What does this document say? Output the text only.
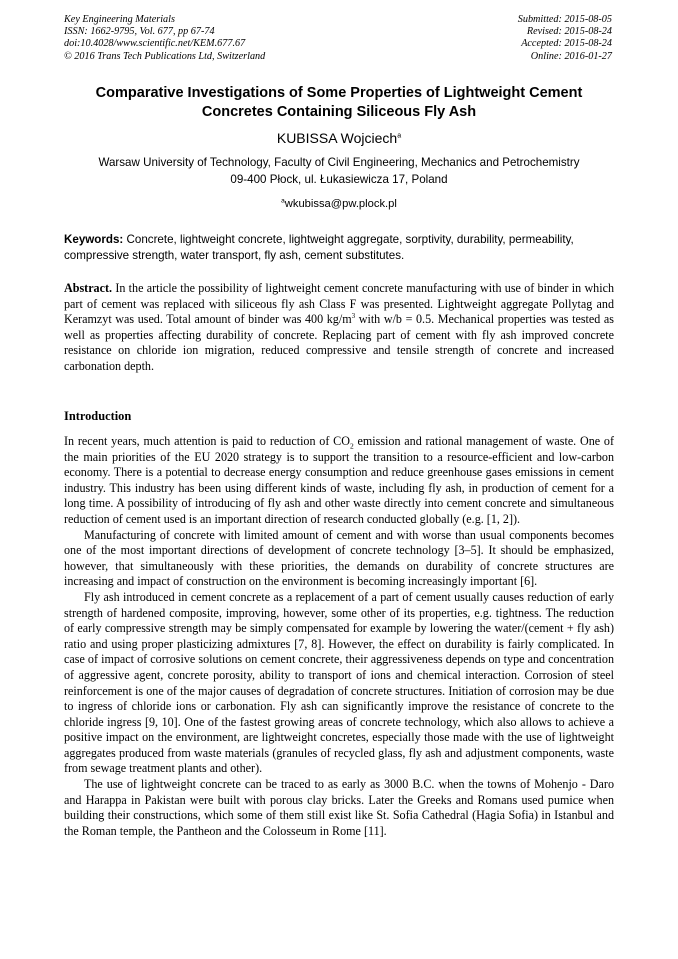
Key Engineering Materials
ISSN: 1662-9795, Vol. 677, pp 67-74
doi:10.4028/www.scientific.net/KEM.677.67
© 2016 Trans Tech Publications Ltd, Switzerland
Submitted: 2015-08-05
Revised: 2015-08-24
Accepted: 2015-08-24
Online: 2016-01-27
Comparative Investigations of Some Properties of Lightweight Cement
Concretes Containing Siliceous Fly Ash
KUBISSA Wojciech$^a$
Warsaw University of Technology, Faculty of Civil Engineering, Mechanics and Petrochemistry
09-400 Płock, ul. Łukasiewicza 17, Poland
$^a$wkubissa@pw.plock.pl
Keywords: Concrete, lightweight concrete, lightweight aggregate, sorptivity, durability, permeability, compressive strength, water transport, fly ash, cement substitutes.
Abstract. In the article the possibility of lightweight cement concrete manufacturing with use of binder in which part of cement was replaced with siliceous fly ash Class F was presented. Lightweight aggregate Pollytag and Keramzyt was used. Total amount of binder was 400 $kg/m^3$ with w/b = 0.5. Mechanical properties was tested as well as properties affecting durability of concrete. Replacing part of cement with fly ash improved concrete resistance on chloride ion migration, reduced compressive and tensile strength of concrete and increased carbonation depth.
Introduction

In recent years, much attention is paid to reduction of $CO_2$ emission and rational management of waste. One of the main priorities of the EU 2020 strategy is to support the transition to a resource-efficient and low-carbon economy. There is a potential to decrease energy consumption and reduce greenhouse gases emissions in cement industry. This industry has been using different kinds of waste, including fly ash, in production of cement for a long time. A possibility of introducing of fly ash and other waste directly into cement concrete and simultaneous reduction of cement used is an important direction of research conducted globally (e.g. [1, 2]).

Manufacturing of concrete with limited amount of cement and with worse than usual components becomes one of the most important directions of development of concrete technology [3–5]. It should be emphasized, however, that simultaneously with these priorities, the demands on durability of concrete structures are increasing and impact of construction on the environment is becoming increasingly important [6].

Fly ash introduced in cement concrete as a replacement of a part of cement usually causes reduction of early strength of hardened composite, improving, however, some other of its properties, e.g. tightness. The reduction of early compressive strength may be simply compensated for example by lowering the water/(cement + fly ash) ratio and using proper plasticizing admixtures [7, 8]. However, the effect on durability is fairly complicated. In case of impact of corrosive solutions on cement concrete, their aggressiveness depends on type and concentration of aggressive agent, concrete porosity, ability to transport of ions and chemical interaction. Corrosion of steel reinforcement is one of the major causes of degradation of concrete structures. Initiation of corrosion may be due to ingress of chloride ions or carbonation. Fly ash can significantly improve the resistance of concrete to the chloride ingress [9, 10]. One of the fastest growing areas of concrete technology, which also allows to achieve a positive impact on the environment, are lightweight concretes, especially those made with the use of lightweight aggregates produced from waste materials (granules of recycled glass, fly ash and adjustment components, waste from sewage treatment plants and other).

The use of lightweight concrete can be traced to as early as 3000 B.C. when the towns of Mohenjo - Daro and Harappa in Pakistan were built with porous clay bricks. Later the Greeks and Romans used pumice when building their constructions, which some of them still exist like St. Sofia Cathedral (Hagia Sofia) in Istanbul and the Roman temple, the Pantheon and the Colosseum in Rome [11].
